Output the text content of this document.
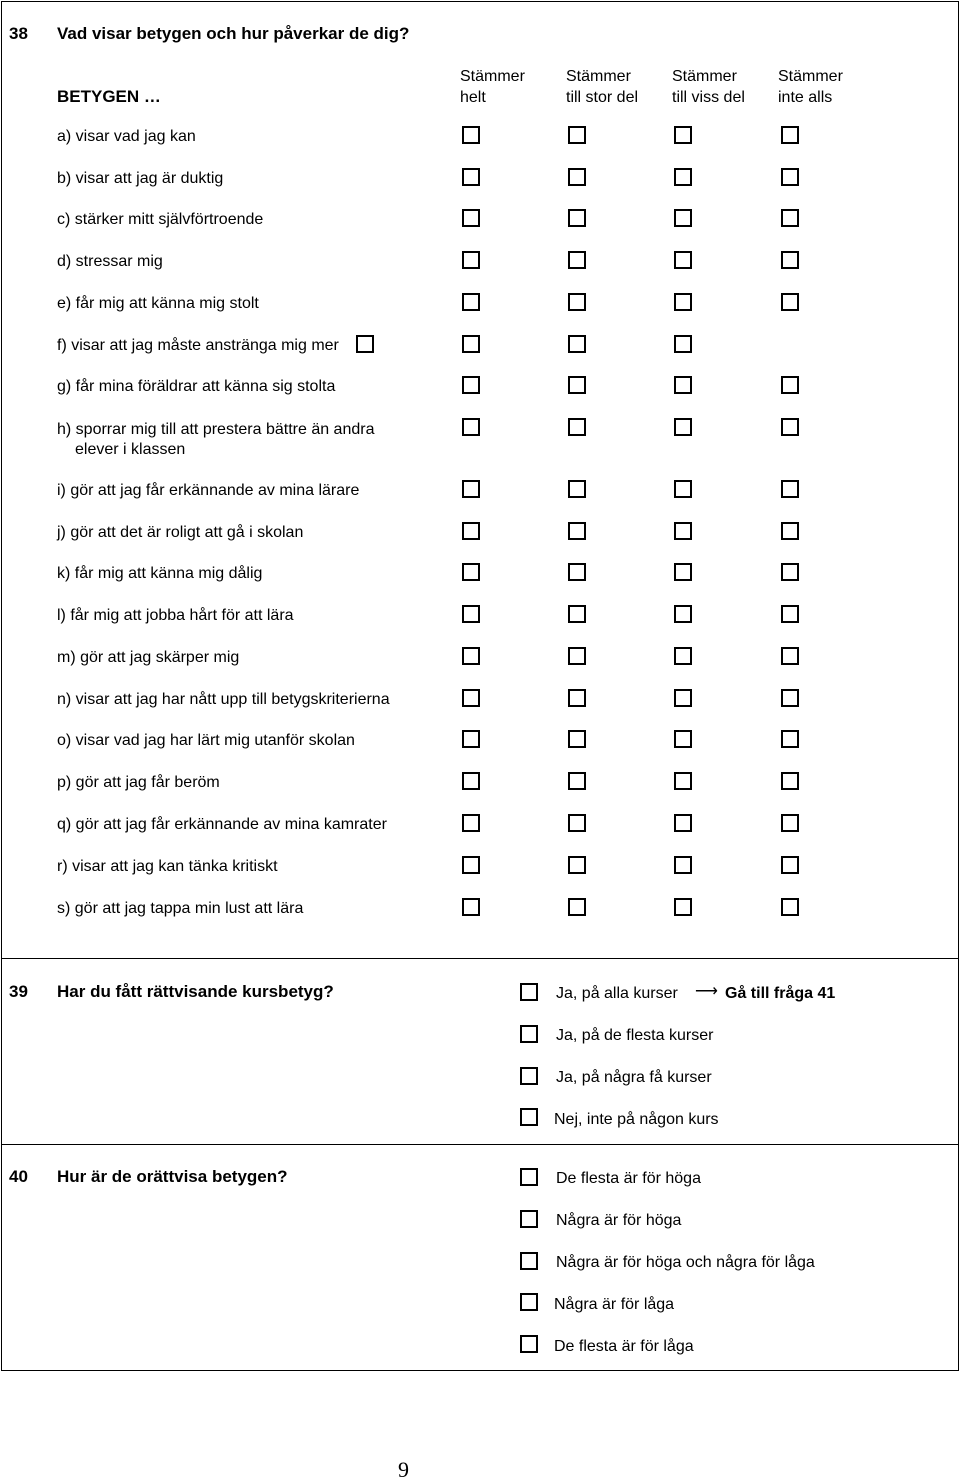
38 Vad visar betygen och hur påverkar de dig?
BETYGEN …
Stämmer
helt
Stämmer
till stor del
Stämmer
till viss del
Stämmer
inte alls
a) visar vad jag kan
b) visar att jag är duktig
c) stärker mitt självförtroende
d) stressar mig
e) får mig att känna mig stolt
f) visar att jag måste anstränga mig mer
g) får mina föräldrar att känna sig stolta
h) sporrar mig till att prestera bättre än andra
elever i klassen
i) gör att jag får erkännande av mina lärare
j) gör att det är roligt att gå i skolan
k) får mig att känna mig dålig
l) får mig att jobba hårt för att lära
m) gör att jag skärper mig
n) visar att jag har nått upp till betygskriterierna
o) visar vad jag har lärt mig utanför skolan
p) gör att jag får beröm
q) gör att jag får erkännande av mina kamrater
r) visar att jag kan tänka kritiskt
s) gör att jag tappa min lust att lära
39 Har du fått rättvisande kursbetyg?	Ja, på alla kurser ⟶ Gå till fråga 41
Ja, på de flesta kurser
Ja, på några få kurser
Nej, inte på någon kurs
40 Hur är de orättvisa betygen?	De flesta är för höga
Några är för höga
Några är för höga och några för låga
Några är för låga
De flesta är för låga
9
